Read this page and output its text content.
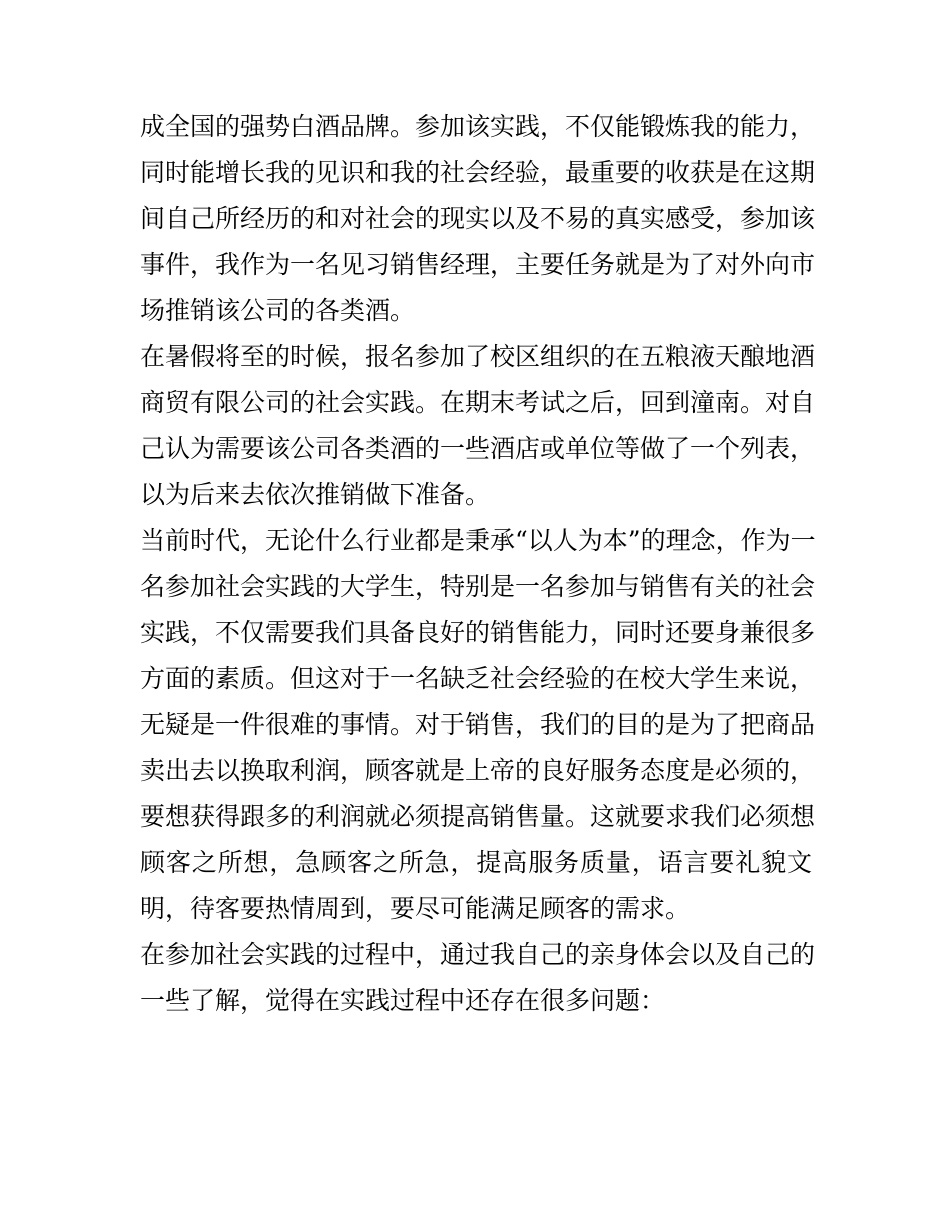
成全国的强势白酒品牌。参加该实践，不仅能锻炼我的能力，
同时能增长我的见识和我的社会经验，最重要的收获是在这期
间自己所经历的和对社会的现实以及不易的真实感受，参加该
事件，我作为一名见习销售经理，主要任务就是为了对外向市
场推销该公司的各类酒。
在暑假将至的时候，报名参加了校区组织的在五粮液天酿地酒
商贸有限公司的社会实践。在期末考试之后，回到潼南。对自
己认为需要该公司各类酒的一些酒店或单位等做了一个列表，
以为后来去依次推销做下准备。
当前时代，无论什么行业都是秉承“以人为本”的理念，作为一
名参加社会实践的大学生，特别是一名参加与销售有关的社会
实践，不仅需要我们具备良好的销售能力，同时还要身兼很多
方面的素质。但这对于一名缺乏社会经验的在校大学生来说，
无疑是一件很难的事情。对于销售，我们的目的是为了把商品
卖出去以换取利润，顾客就是上帝的良好服务态度是必须的，
要想获得跟多的利润就必须提高销售量。这就要求我们必须想
顾客之所想，急顾客之所急，提高服务质量，语言要礼貌文
明，待客要热情周到，要尽可能满足顾客的需求。
在参加社会实践的过程中，通过我自己的亲身体会以及自己的
一些了解，觉得在实践过程中还存在很多问题：
